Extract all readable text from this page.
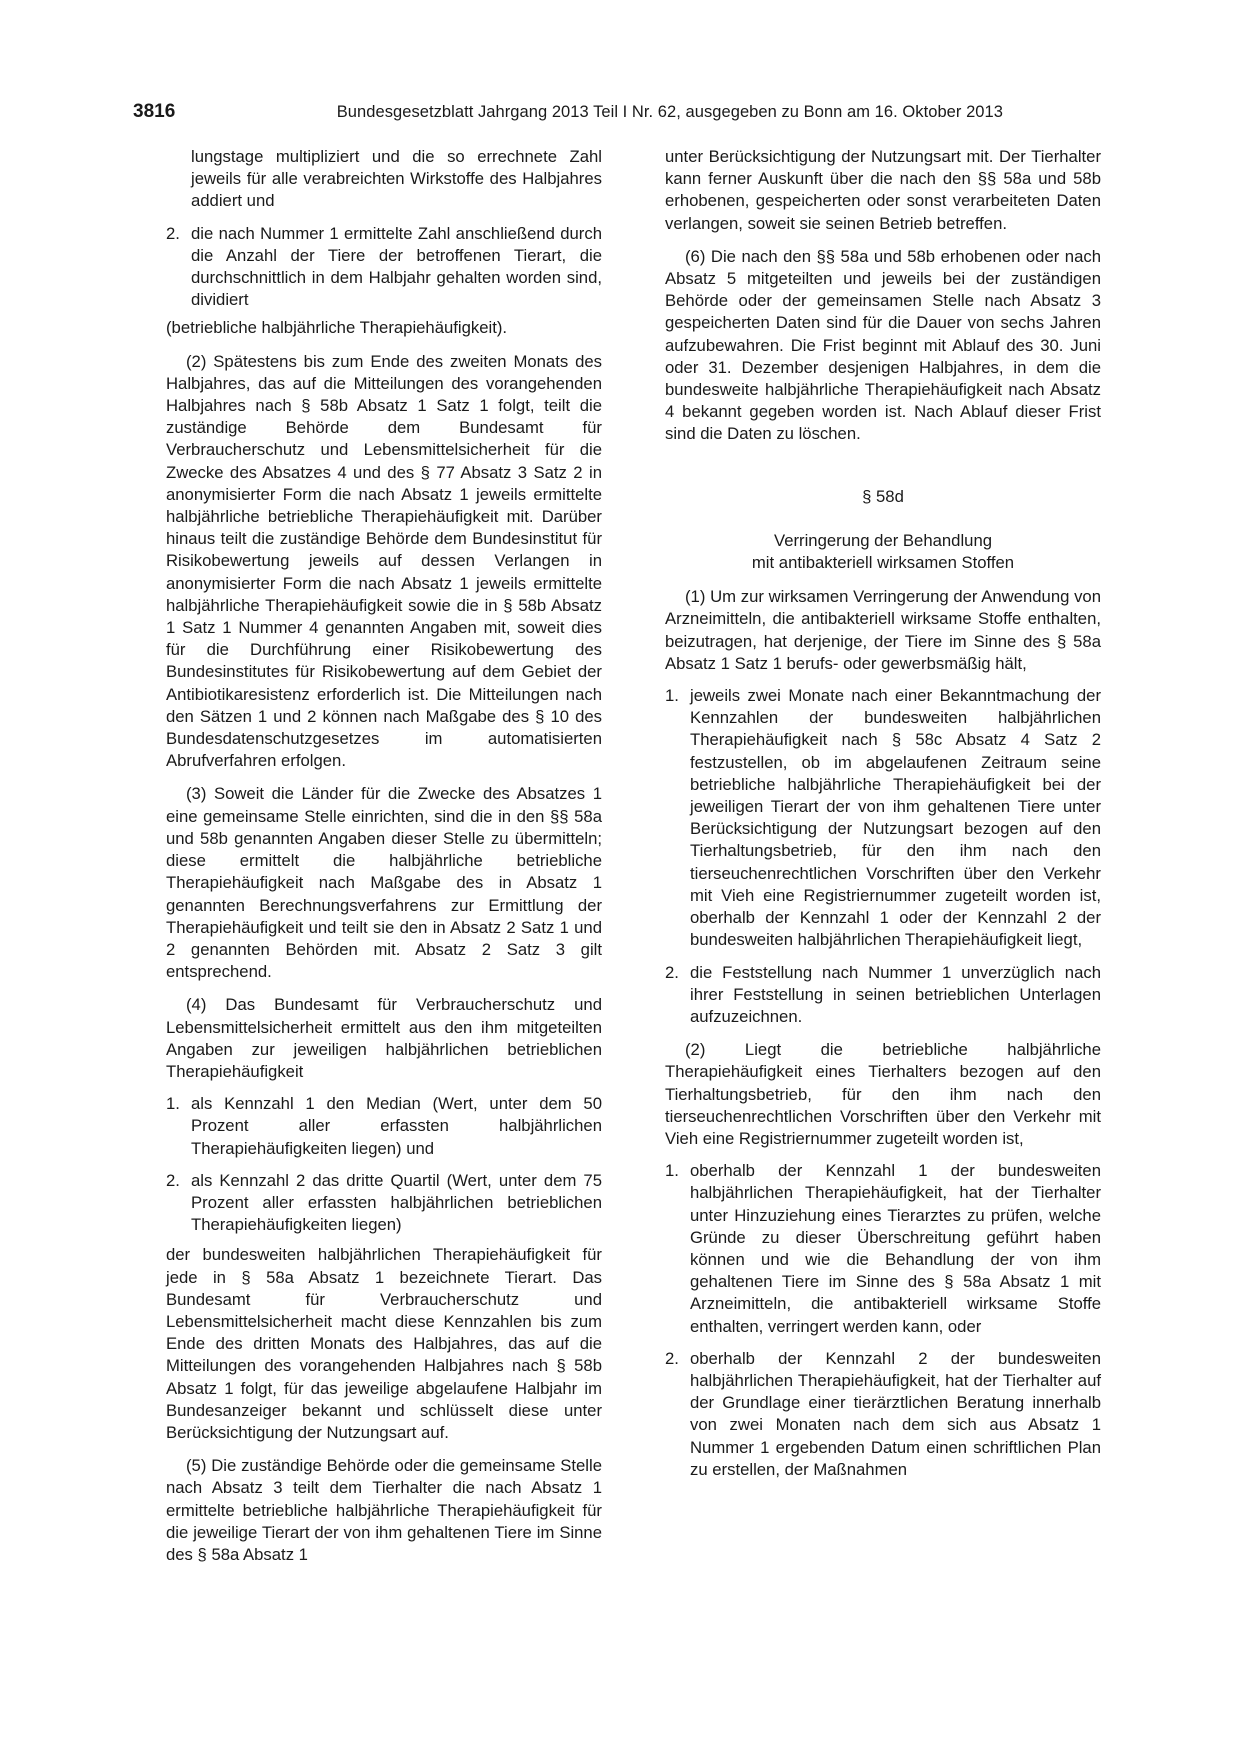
3816	Bundesgesetzblatt Jahrgang 2013 Teil I Nr. 62, ausgegeben zu Bonn am 16. Oktober 2013

lungstage multipliziert und die so errechnete Zahl jeweils für alle verabreichten Wirkstoffe des Halbjahres addiert und

2. die nach Nummer 1 ermittelte Zahl anschließend durch die Anzahl der Tiere der betroffenen Tierart, die durchschnittlich in dem Halbjahr gehalten worden sind, dividiert

(betriebliche halbjährliche Therapiehäufigkeit).

(2) Spätestens bis zum Ende des zweiten Monats des Halbjahres, das auf die Mitteilungen des vorangehenden Halbjahres nach § 58b Absatz 1 Satz 1 folgt, teilt die zuständige Behörde dem Bundesamt für Verbraucherschutz und Lebensmittelsicherheit für die Zwecke des Absatzes 4 und des § 77 Absatz 3 Satz 2 in anonymisierter Form die nach Absatz 1 jeweils ermittelte halbjährliche betriebliche Therapiehäufigkeit mit. Darüber hinaus teilt die zuständige Behörde dem Bundesinstitut für Risikobewertung jeweils auf dessen Verlangen in anonymisierter Form die nach Absatz 1 jeweils ermittelte halbjährliche Therapiehäufigkeit sowie die in § 58b Absatz 1 Satz 1 Nummer 4 genannten Angaben mit, soweit dies für die Durchführung einer Risikobewertung des Bundesinstitutes für Risikobewertung auf dem Gebiet der Antibiotikaresistenz erforderlich ist. Die Mitteilungen nach den Sätzen 1 und 2 können nach Maßgabe des § 10 des Bundesdatenschutzgesetzes im automatisierten Abrufverfahren erfolgen.

(3) Soweit die Länder für die Zwecke des Absatzes 1 eine gemeinsame Stelle einrichten, sind die in den §§ 58a und 58b genannten Angaben dieser Stelle zu übermitteln; diese ermittelt die halbjährliche betriebliche Therapiehäufigkeit nach Maßgabe des in Absatz 1 genannten Berechnungsverfahrens zur Ermittlung der Therapiehäufigkeit und teilt sie den in Absatz 2 Satz 1 und 2 genannten Behörden mit. Absatz 2 Satz 3 gilt entsprechend.

(4) Das Bundesamt für Verbraucherschutz und Lebensmittelsicherheit ermittelt aus den ihm mitgeteilten Angaben zur jeweiligen halbjährlichen betrieblichen Therapiehäufigkeit

1. als Kennzahl 1 den Median (Wert, unter dem 50 Prozent aller erfassten halbjährlichen Therapiehäufigkeiten liegen) und
2. als Kennzahl 2 das dritte Quartil (Wert, unter dem 75 Prozent aller erfassten halbjährlichen betrieblichen Therapiehäufigkeiten liegen)

der bundesweiten halbjährlichen Therapiehäufigkeit für jede in § 58a Absatz 1 bezeichnete Tierart. Das Bundesamt für Verbraucherschutz und Lebensmittelsicherheit macht diese Kennzahlen bis zum Ende des dritten Monats des Halbjahres, das auf die Mitteilungen des vorangehenden Halbjahres nach § 58b Absatz 1 folgt, für das jeweilige abgelaufene Halbjahr im Bundesanzeiger bekannt und schlüsselt diese unter Berücksichtigung der Nutzungsart auf.

(5) Die zuständige Behörde oder die gemeinsame Stelle nach Absatz 3 teilt dem Tierhalter die nach Absatz 1 ermittelte betriebliche halbjährliche Therapiehäufigkeit für die jeweilige Tierart der von ihm gehaltenen Tiere im Sinne des § 58a Absatz 1

unter Berücksichtigung der Nutzungsart mit. Der Tierhalter kann ferner Auskunft über die nach den §§ 58a und 58b erhobenen, gespeicherten oder sonst verarbeiteten Daten verlangen, soweit sie seinen Betrieb betreffen.

(6) Die nach den §§ 58a und 58b erhobenen oder nach Absatz 5 mitgeteilten und jeweils bei der zuständigen Behörde oder der gemeinsamen Stelle nach Absatz 3 gespeicherten Daten sind für die Dauer von sechs Jahren aufzubewahren. Die Frist beginnt mit Ablauf des 30. Juni oder 31. Dezember desjenigen Halbjahres, in dem die bundesweite halbjährliche Therapiehäufigkeit nach Absatz 4 bekannt gegeben worden ist. Nach Ablauf dieser Frist sind die Daten zu löschen.

§ 58d

Verringerung der Behandlung
mit antibakteriell wirksamen Stoffen

(1) Um zur wirksamen Verringerung der Anwendung von Arzneimitteln, die antibakteriell wirksame Stoffe enthalten, beizutragen, hat derjenige, der Tiere im Sinne des § 58a Absatz 1 Satz 1 berufs- oder gewerbsmäßig hält,

1. jeweils zwei Monate nach einer Bekanntmachung der Kennzahlen der bundesweiten halbjährlichen Therapiehäufigkeit nach § 58c Absatz 4 Satz 2 festzustellen, ob im abgelaufenen Zeitraum seine betriebliche halbjährliche Therapiehäufigkeit bei der jeweiligen Tierart der von ihm gehaltenen Tiere unter Berücksichtigung der Nutzungsart bezogen auf den Tierhaltungsbetrieb, für den ihm nach den tierseuchenrechtlichen Vorschriften über den Verkehr mit Vieh eine Registriernummer zugeteilt worden ist, oberhalb der Kennzahl 1 oder der Kennzahl 2 der bundesweiten halbjährlichen Therapiehäufigkeit liegt,
2. die Feststellung nach Nummer 1 unverzüglich nach ihrer Feststellung in seinen betrieblichen Unterlagen aufzuzeichnen.

(2) Liegt die betriebliche halbjährliche Therapiehäufigkeit eines Tierhalters bezogen auf den Tierhaltungsbetrieb, für den ihm nach den tierseuchenrechtlichen Vorschriften über den Verkehr mit Vieh eine Registriernummer zugeteilt worden ist,

1. oberhalb der Kennzahl 1 der bundesweiten halbjährlichen Therapiehäufigkeit, hat der Tierhalter unter Hinzuziehung eines Tierarztes zu prüfen, welche Gründe zu dieser Überschreitung geführt haben können und wie die Behandlung der von ihm gehaltenen Tiere im Sinne des § 58a Absatz 1 mit Arzneimitteln, die antibakteriell wirksame Stoffe enthalten, verringert werden kann, oder
2. oberhalb der Kennzahl 2 der bundesweiten halbjährlichen Therapiehäufigkeit, hat der Tierhalter auf der Grundlage einer tierärztlichen Beratung innerhalb von zwei Monaten nach dem sich aus Absatz 1 Nummer 1 ergebenden Datum einen schriftlichen Plan zu erstellen, der Maßnahmen
